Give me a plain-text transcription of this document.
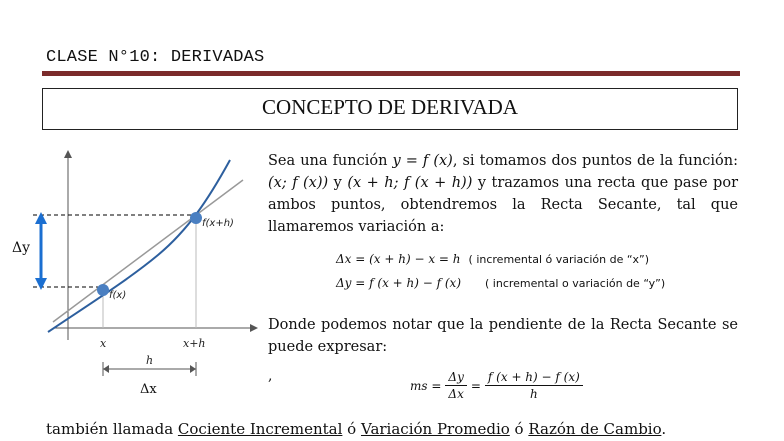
CLASE N°10: DERIVADAS
CONCEPTO DE DERIVADA
Δy
f(x)
f(x+h)
x	x+h
h
Δx
Sea una función y = f (x), si tomamos dos puntos de la función: (x; f (x)) y (x + h; f (x + h)) y trazamos una recta que pase por ambos puntos, obtendremos la Recta Secante, tal que llamaremos variación a:
Δx = (x + h) − x = h ( incremental ó variación de “x”)
Δy = f (x + h) − f (x) ( incremental o variación de “y”)
Donde podemos notar que la pendiente de la Recta Secante se puede expresar:
,
ms = $\frac{\Delta y}{\Delta x} = \frac{f (x + h) - f (x)}{h}$
también llamada Cociente Incremental ó Variación Promedio ó Razón de Cambio.
